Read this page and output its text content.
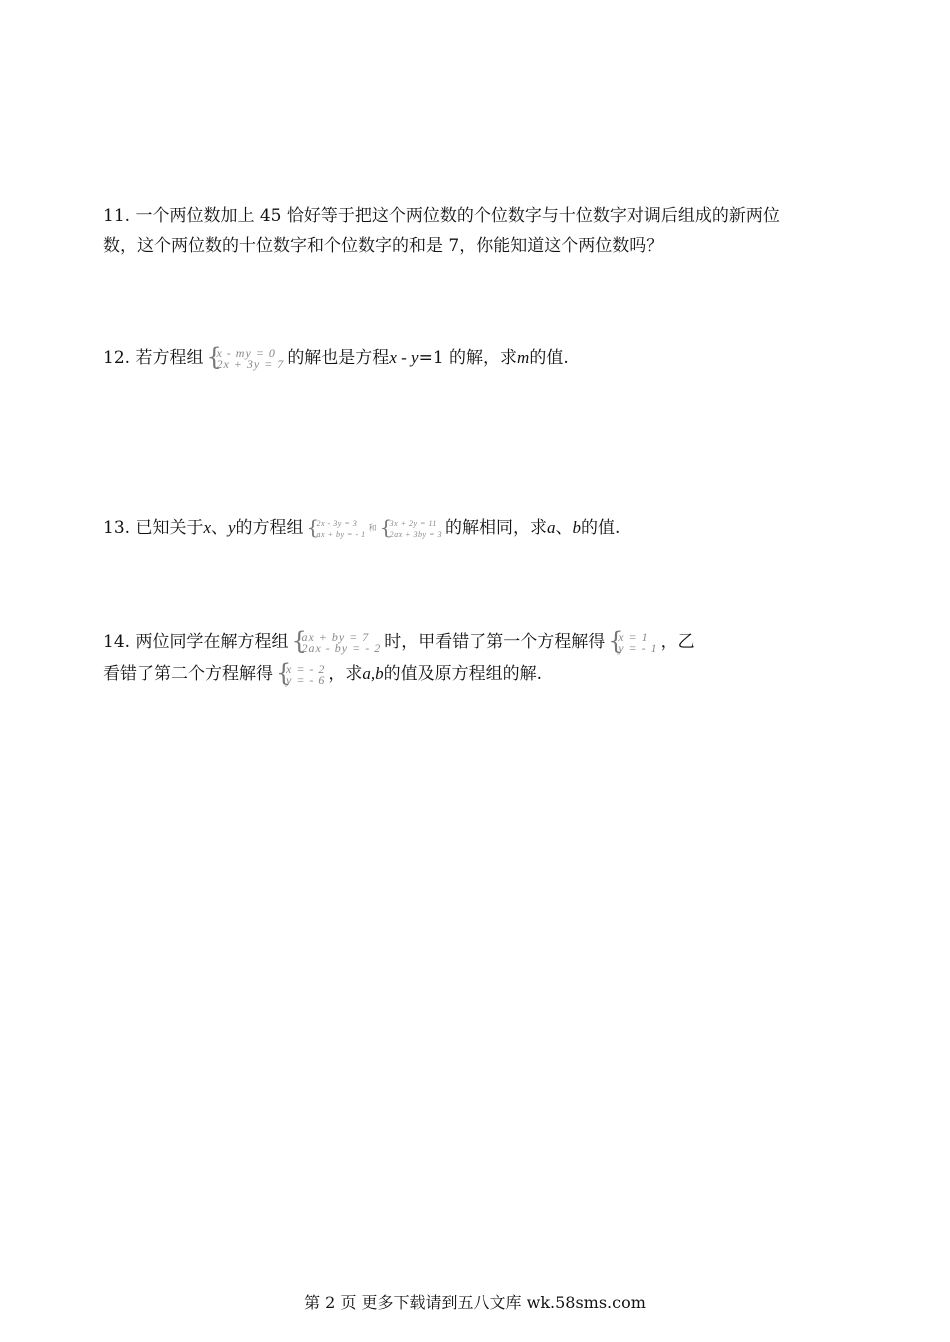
11. 一个两位数加上 45 恰好等于把这个两位数的个位数字与十位数字对调后组成的新两位
数，这个两位数的十位数字和个位数字的和是 7，你能知道这个两位数吗？
12. 若方程组 {
x - my = 0
2x + 3y = 7 的解也是方程x - y=1 的解，求m的值.
13. 已知关于x、y的方程组 {
2x - 3y = 3
ax + by = - 1
和 {
3x + 2y = 11
2ax + 3by = 3 的解相同，求a、b的值.
14. 两位同学在解方程组 {
ax + by = 7
2ax - by = - 2 时，甲看错了第一个方程解得 {
x = 1
y = - 1 ，乙
看错了第二个方程解得 {
x = - 2
y = - 6 ，求a,b的值及原方程组的解.
第 2 页 更多下载请到五八文库 wk.58sms.com
